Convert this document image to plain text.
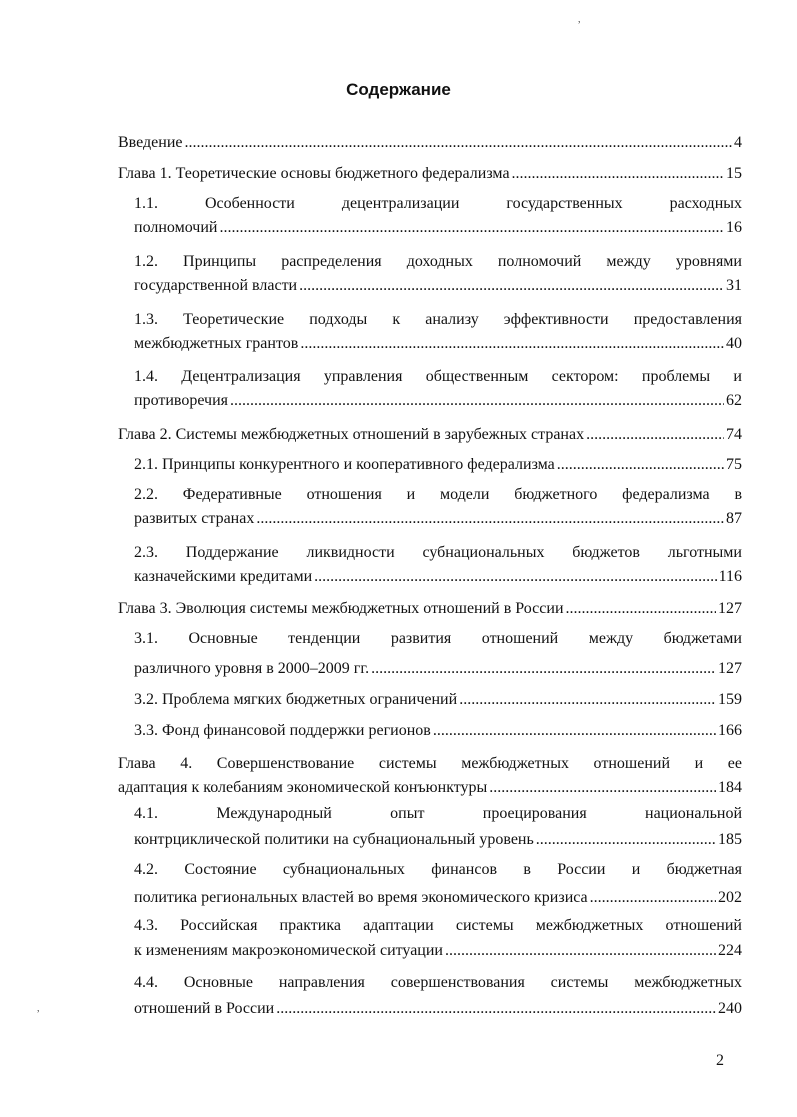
,
,
Содержание
Введение . . .	4
Глава 1. Теоретические основы бюджетного федерализма . . .	15
1.1. Особенности децентрализации государственных расходных
полномочий . . .	16
1.2. Принципы распределения доходных полномочий между уровнями
государственной власти . . .	31
1.3. Теоретические подходы к анализу эффективности предоставления
межбюджетных грантов . . .	40
1.4. Децентрализация управления общественным сектором: проблемы и
противоречия . . .	62
Глава 2. Системы межбюджетных отношений в зарубежных странах . . .	74
2.1. Принципы конкурентного и кооперативного федерализма . . .	75
2.2. Федеративные отношения и модели бюджетного федерализма в
развитых странах . . .	87
2.3. Поддержание ликвидности субнациональных бюджетов льготными
казначейскими кредитами . . .	116
Глава 3. Эволюция системы межбюджетных отношений в России . . .	127
3.1. Основные тенденции развития отношений между бюджетами
различного уровня в 2000–2009 гг. . . .	127
3.2. Проблема мягких бюджетных ограничений . . .	159
3.3. Фонд финансовой поддержки регионов . . .	166
Глава 4. Совершенствование системы межбюджетных отношений и ее
адаптация к колебаниям экономической конъюнктуры . . .	184
4.1. Международный опыт проецирования национальной
контрциклической политики на субнациональный уровень . . .	185
4.2. Состояние субнациональных финансов в России и бюджетная
политика региональных властей во время экономического кризиса . . .	202
4.3. Российская практика адаптации системы межбюджетных отношений
к изменениям макроэкономической ситуации . . .	224
4.4. Основные направления совершенствования системы межбюджетных
отношений в России . . .	240
2
